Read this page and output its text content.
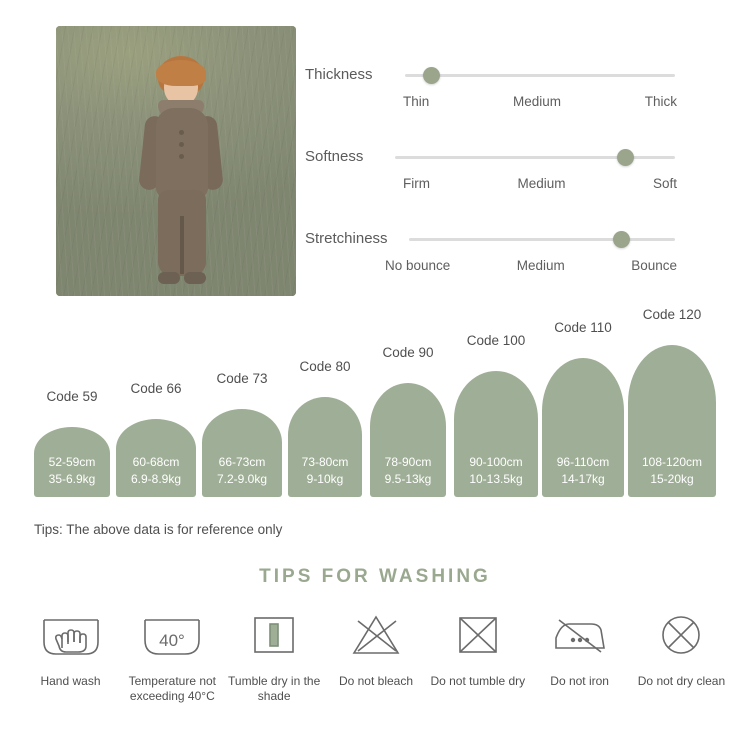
Thickness
Thin	Medium	Thick
Softness
Firm	Medium	Soft
Stretchiness
No bounce	Medium	Bounce
Code 59
52-59cm
35-6.9kg
Code 66
60-68cm
6.9-8.9kg
Code 73
66-73cm
7.2-9.0kg
Code 80
73-80cm
9-10kg
Code 90
78-90cm
9.5-13kg
Code 100
90-100cm
10-13.5kg
Code 110
96-110cm
14-17kg
Code 120
108-120cm
15-20kg
Tips: The above data is for reference only
TIPS FOR WASHING
Hand wash
40°
Temperature not exceeding 40°C
Tumble dry in the shade
Do not bleach	Do not tumble dry	Do not iron	Do not dry clean
